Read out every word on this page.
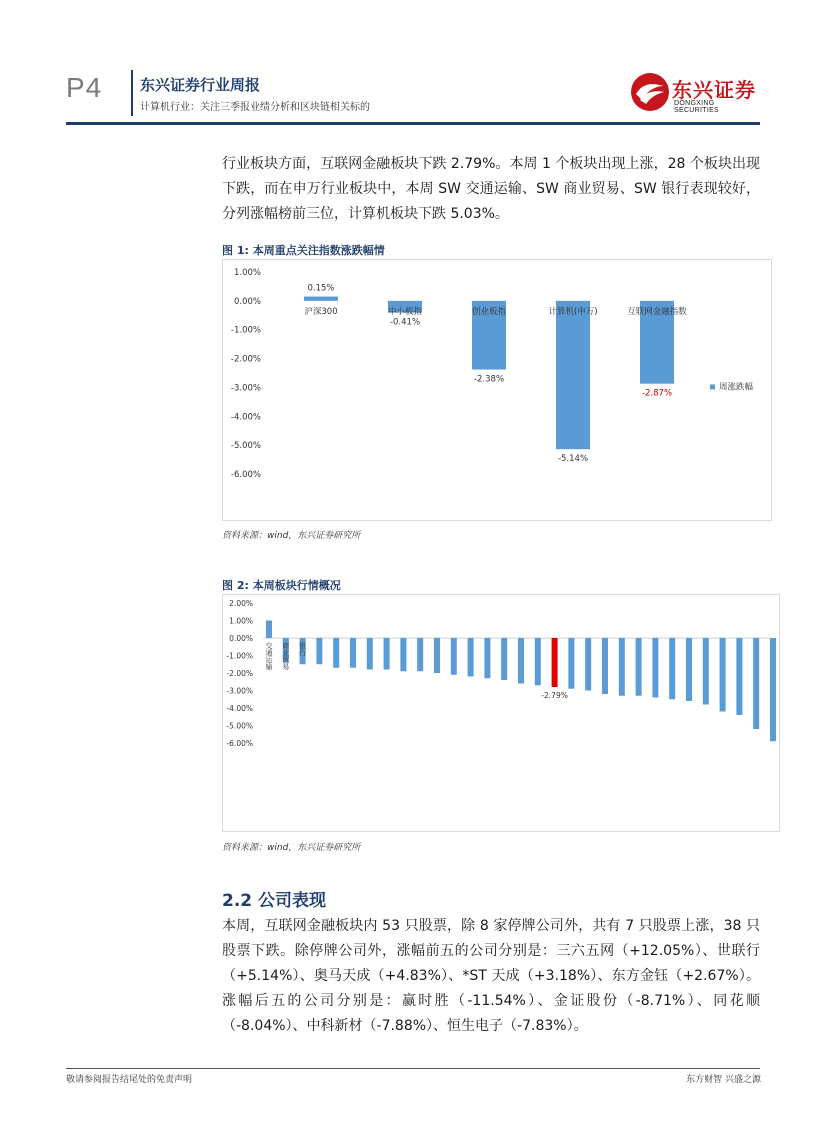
P4	东兴证券行业周报
计算机行业：关注三季报业绩分析和区块链相关标的
东兴证券
DONGXING SECURITIES
行业板块方面，互联网金融板块下跌 2.79%。本周 1 个板块出现上涨，28 个板块出现下跌，而在申万行业板块中，本周 SW 交通运输、SW 商业贸易、SW 银行表现较好，分列涨幅榜前三位，计算机板块下跌 5.03%。
图 1: 本周重点关注指数涨跌幅情
1.00%
0.00%
-1.00%
-2.00%
-3.00%
-4.00%
-5.00%
-6.00%
沪深300
0.15%
中小板指
-0.41%
创业板指
-2.38%
计算机(申万)
-5.14%
互联网金融指数
-2.87%
周涨跌幅
资料来源：wind，东兴证券研究所
图 2: 本周板块行情概况
2.00%
1.00%
0.00%
-1.00%
-2.00%
-3.00%
-4.00%
-5.00%
-6.00%
交通运输 商业贸易 银行
-2.79%
资料来源：wind，东兴证券研究所
2.2 公司表现
本周，互联网金融板块内 53 只股票，除 8 家停牌公司外，共有 7 只股票上涨，38 只股票下跌。除停牌公司外，涨幅前五的公司分别是：三六五网（+12.05%）、世联行（+5.14%）、奥马天成（+4.83%）、*ST 天成（+3.18%）、东方金钰（+2.67%）。涨幅后五的公司分别是：赢时胜（-11.54%）、金证股份（-8.71%）、同花顺（-8.04%）、中科新材（-7.88%）、恒生电子（-7.83%）。
敬请参阅报告结尾处的免责声明	东方财智 兴盛之源
